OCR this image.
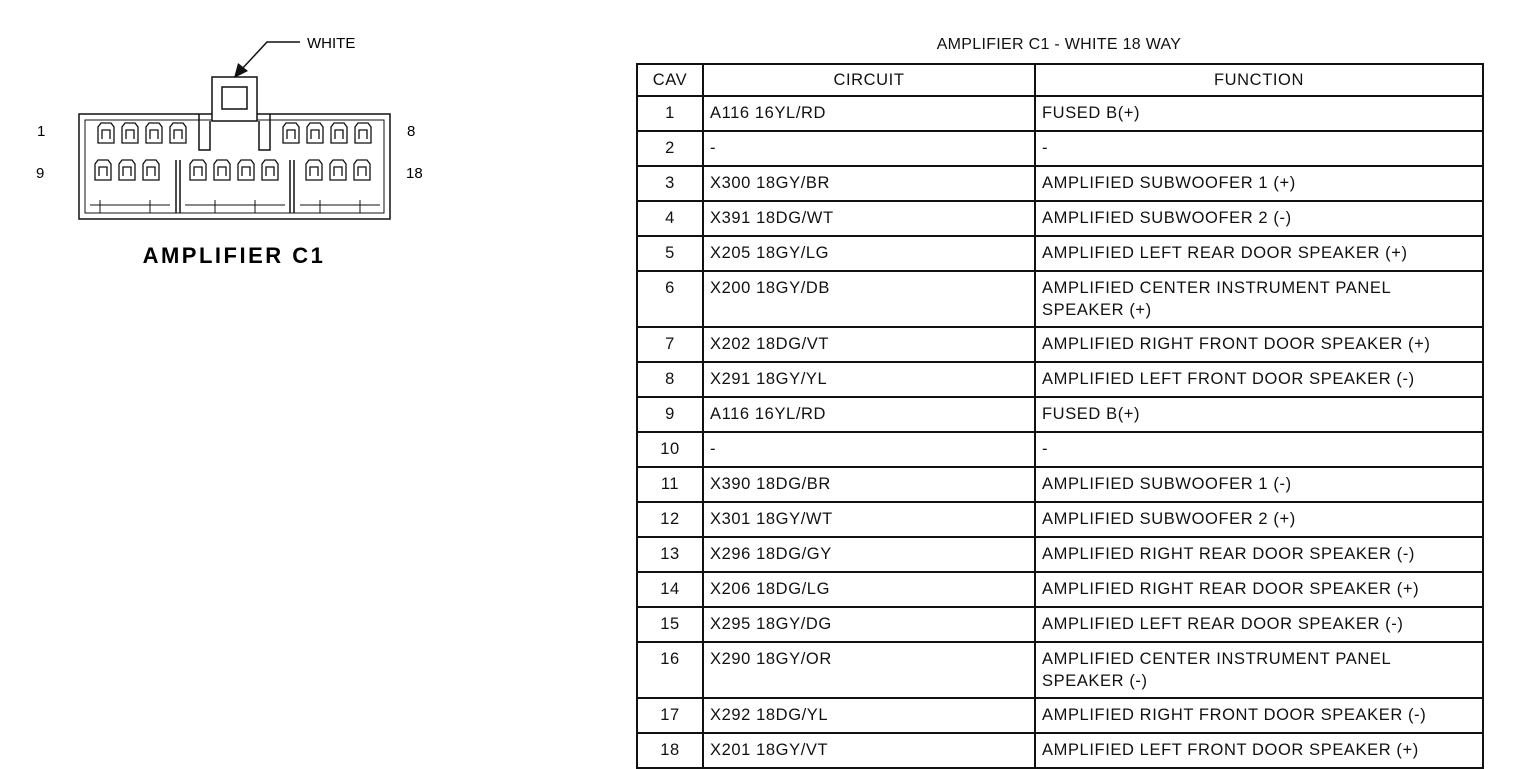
WHITE
1	8
9	18
AMPLIFIER C1
AMPLIFIER C1 - WHITE 18 WAY
CAV	CIRCUIT	FUNCTION
1	A116 16YL/RD	FUSED B(+)
2	-	-
3	X300 18GY/BR	AMPLIFIED SUBWOOFER 1 (+)
4	X391 18DG/WT	AMPLIFIED SUBWOOFER 2 (-)
5	X205 18GY/LG	AMPLIFIED LEFT REAR DOOR SPEAKER (+)
6	X200 18GY/DB	AMPLIFIED CENTER INSTRUMENT PANEL SPEAKER (+)
7	X202 18DG/VT	AMPLIFIED RIGHT FRONT DOOR SPEAKER (+)
8	X291 18GY/YL	AMPLIFIED LEFT FRONT DOOR SPEAKER (-)
9	A116 16YL/RD	FUSED B(+)
10	-	-
11	X390 18DG/BR	AMPLIFIED SUBWOOFER 1 (-)
12	X301 18GY/WT	AMPLIFIED SUBWOOFER 2 (+)
13	X296 18DG/GY	AMPLIFIED RIGHT REAR DOOR SPEAKER (-)
14	X206 18DG/LG	AMPLIFIED RIGHT REAR DOOR SPEAKER (+)
15	X295 18GY/DG	AMPLIFIED LEFT REAR DOOR SPEAKER (-)
16	X290 18GY/OR	AMPLIFIED CENTER INSTRUMENT PANEL SPEAKER (-)
17	X292 18DG/YL	AMPLIFIED RIGHT FRONT DOOR SPEAKER (-)
18	X201 18GY/VT	AMPLIFIED LEFT FRONT DOOR SPEAKER (+)
